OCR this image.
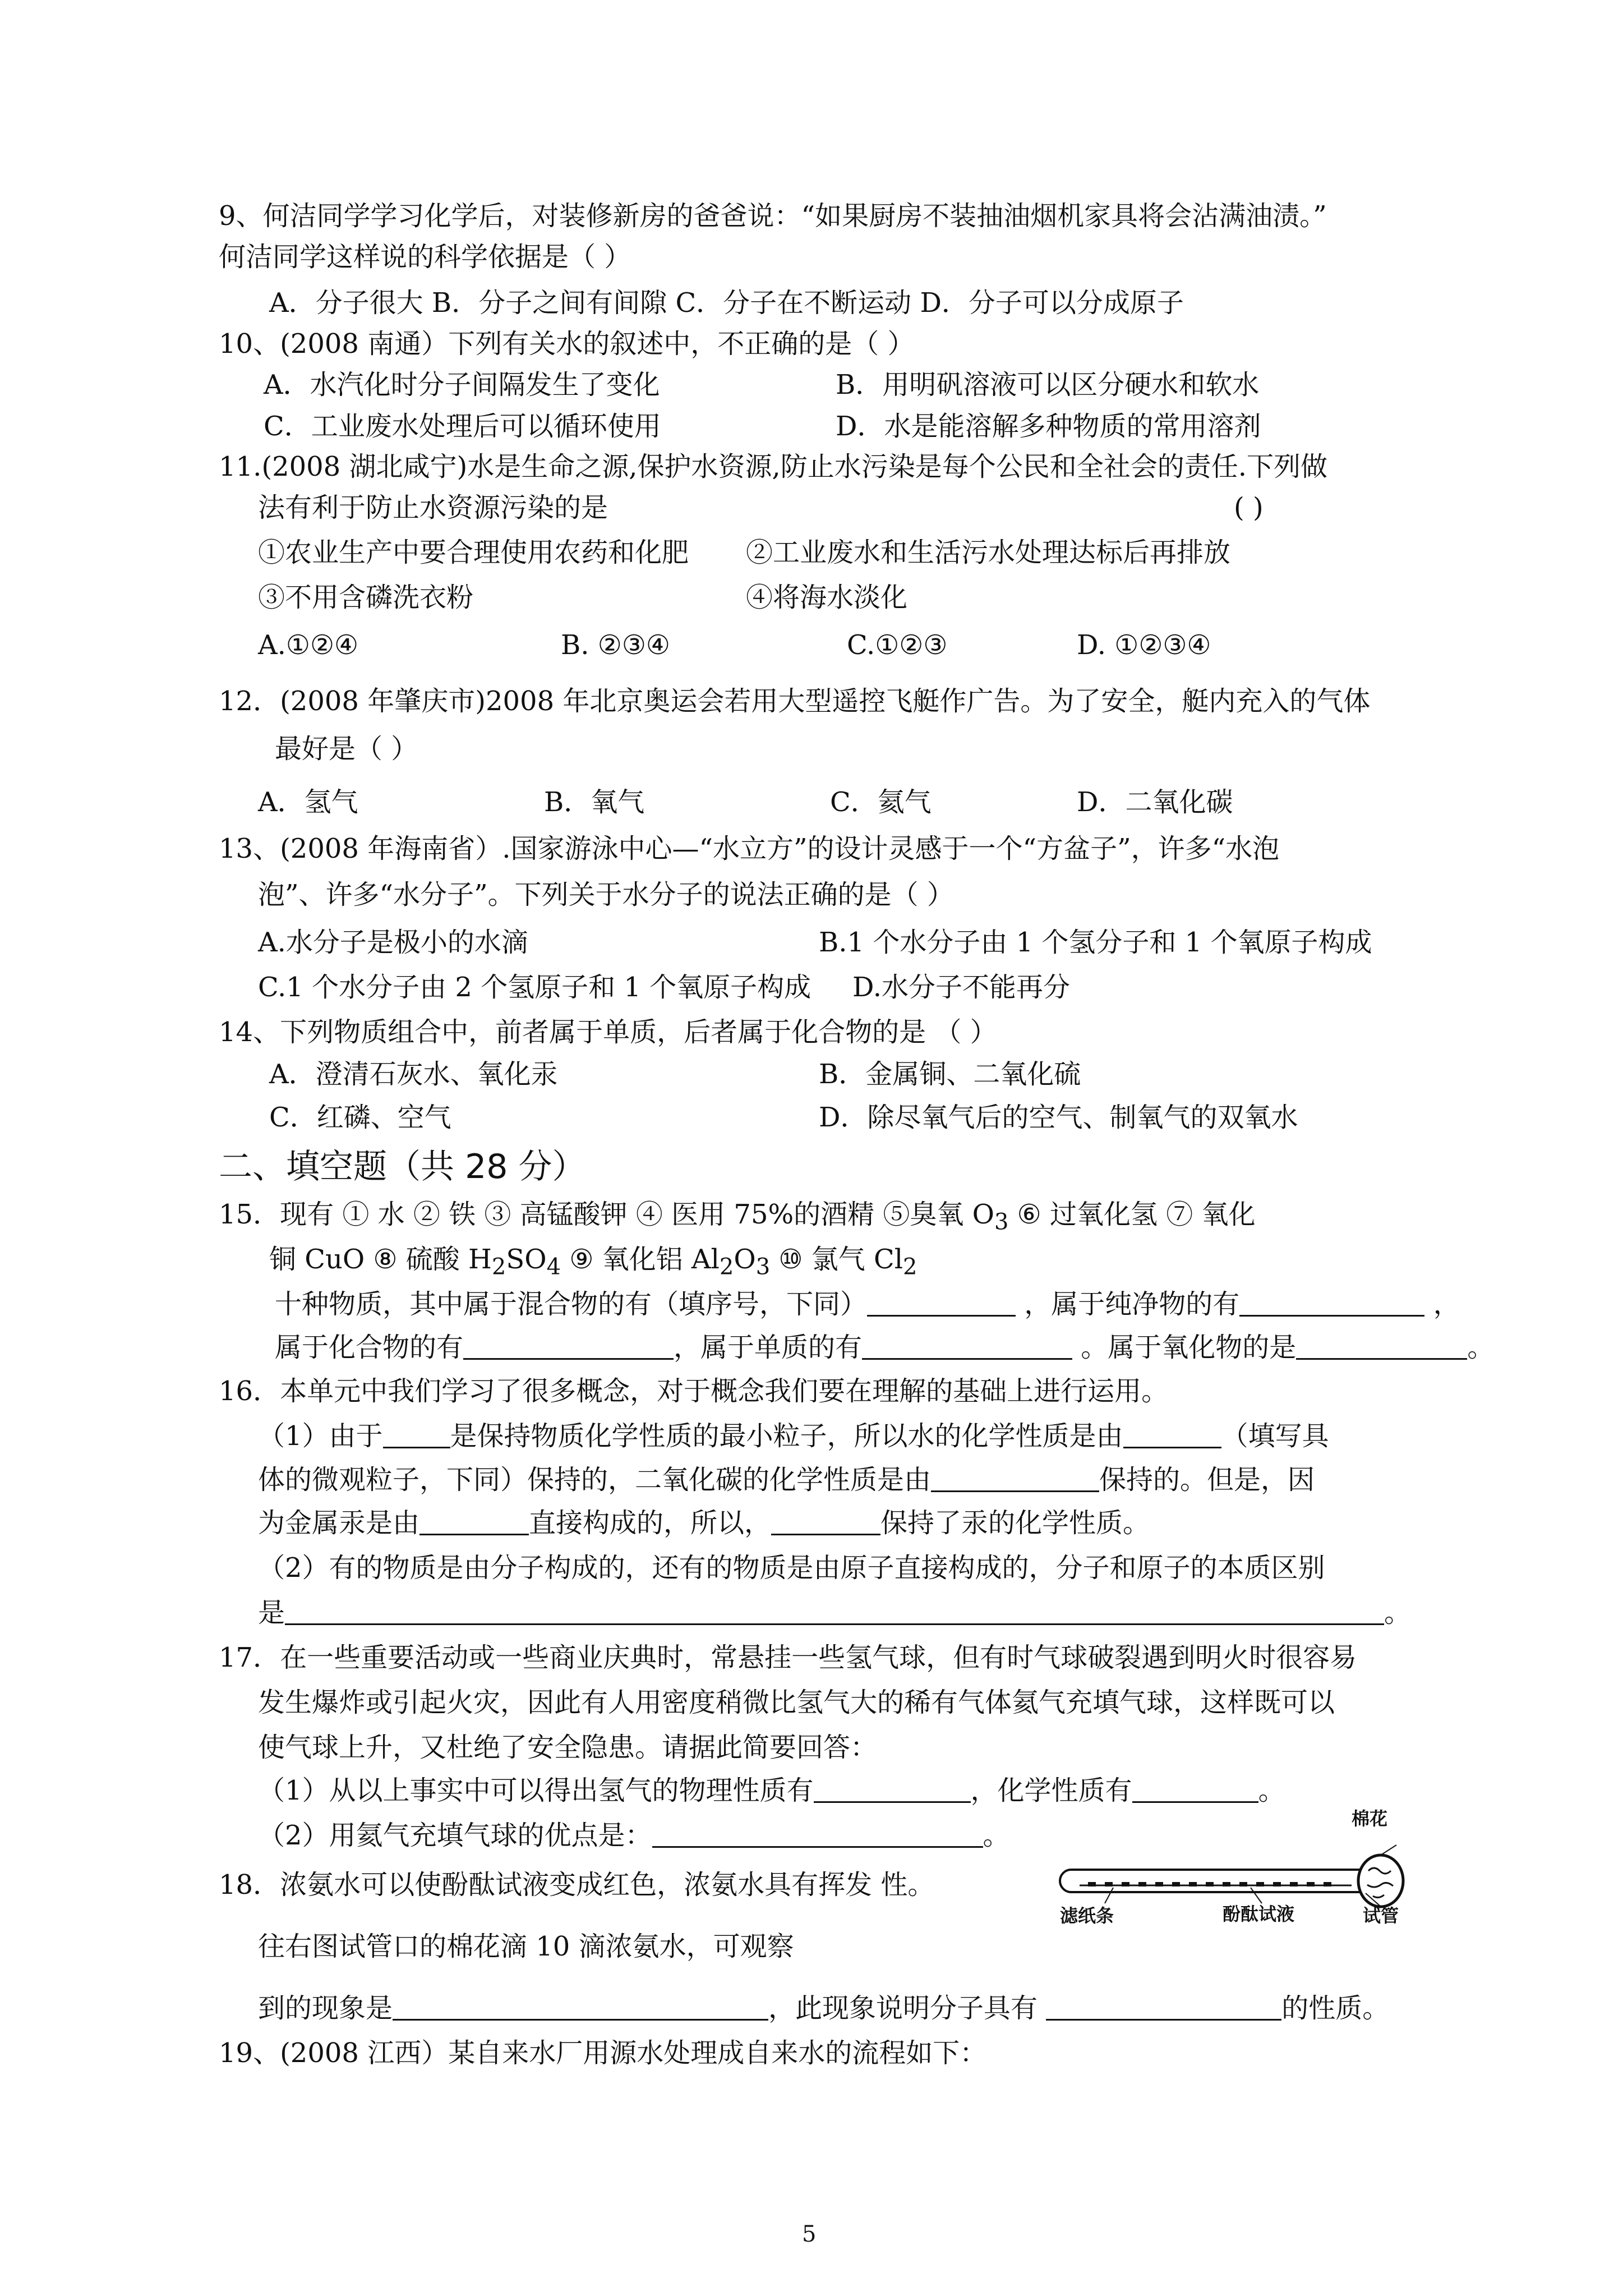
9、何洁同学学习化学后，对装修新房的爸爸说：“如果厨房不装抽油烟机家具将会沾满油渍。”
何洁同学这样说的科学依据是（ ）
A．分子很大 B．分子之间有间隙 C．分子在不断运动 D．分子可以分成原子
10、(2008 南通）下列有关水的叙述中，不正确的是（ ）
A．水汽化时分子间隔发生了变化	B．用明矾溶液可以区分硬水和软水
C．工业废水处理后可以循环使用	D．水是能溶解多种物质的常用溶剂
11.(2008 湖北咸宁)水是生命之源,保护水资源,防止水污染是每个公民和全社会的责任.下列做
法有利于防止水资源污染的是	( )
①农业生产中要合理使用农药和化肥 ②工业废水和生活污水处理达标后再排放
③不用含磷洗衣粉	④将海水淡化
A.①②④	B. ②③④	C.①②③	D. ①②③④
12．(2008 年肇庆市)2008 年北京奥运会若用大型遥控飞艇作广告。为了安全，艇内充入的气体
最好是（ ）
A．氢气	B．氧气	C．氦气	D．二氧化碳
13、(2008 年海南省）.国家游泳中心—“水立方”的设计灵感于一个“方盆子”，许多“水泡
泡”、许多“水分子”。下列关于水分子的说法正确的是（ ）
A.水分子是极小的水滴	B.1 个水分子由 1 个氢分子和 1 个氧原子构成
C.1 个水分子由 2 个氢原子和 1 个氧原子构成 D.水分子不能再分
14、下列物质组合中，前者属于单质，后者属于化合物的是 （ ）
A．澄清石灰水、氧化汞	B．金属铜、二氧化硫
C．红磷、空气	D．除尽氧气后的空气、制氧气的双氧水
二、填空题（共 28 分）
15．现有 ① 水 ② 铁 ③ 高锰酸钾 ④ 医用 75%的酒精 ⑤臭氧 $O_3$ ⑥ 过氧化氢 ⑦ 氧化
铜 CuO ⑧ 硫酸 $H_2SO_4$ ⑨ 氧化铝 $Al_2O_3$ ⑩ 氯气 $Cl_2$
十种物质，其中属于混合物的有（填序号，下同）	，属于纯净物的有	，
属于化合物的有	，属于单质的有	。属于氧化物的是	。
16．本单元中我们学习了很多概念，对于概念我们要在理解的基础上进行运用。
（1）由于	是保持物质化学性质的最小粒子，所以水的化学性质是由	（填写具
体的微观粒子，下同）保持的，二氧化碳的化学性质是由	保持的。但是，因
为金属汞是由	直接构成的，所以，	保持了汞的化学性质。
（2）有的物质是由分子构成的，还有的物质是由原子直接构成的，分子和原子的本质区别
是	。
17．在一些重要活动或一些商业庆典时，常悬挂一些氢气球，但有时气球破裂遇到明火时很容易
发生爆炸或引起火灾，因此有人用密度稍微比氢气大的稀有气体氦气充填气球，这样既可以
使气球上升，又杜绝了安全隐患。请据此简要回答：
（1）从以上事实中可以得出氢气的物理性质有	，化学性质有	。
（2）用氦气充填气球的优点是：	。
18．浓氨水可以使酚酞试液变成红色，浓氨水具有挥发 性。
往右图试管口的棉花滴 10 滴浓氨水，可观察
到的现象是	，此现象说明分子具有	的性质。
棉花
滤纸条	酚酞试液	试管
19、(2008 江西）某自来水厂用源水处理成自来水的流程如下：
5
